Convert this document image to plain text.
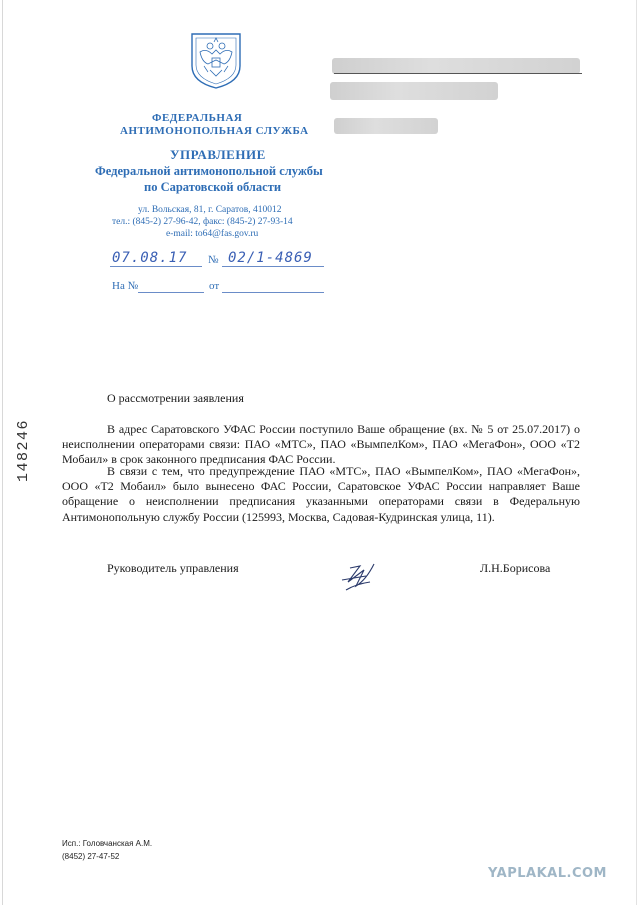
ФЕДЕРАЛЬНАЯ
АНТИМОНОПОЛЬНАЯ СЛУЖБА
УПРАВЛЕНИЕ
Федеральной антимонопольной службы
по Саратовской области
ул. Вольская, 81, г. Саратов, 410012
тел.: (845-2) 27-96-42, факс: (845-2) 27-93-14
e-mail: to64@fas.gov.ru
07.08.17 № 02/1-4869
На №	от
148246
О рассмотрении заявления
В адрес Саратовского УФАС России поступило Ваше обращение (вх. № 5 от 25.07.2017) о неисполнении операторами связи: ПАО «МТС», ПАО «ВымпелКом», ПАО «МегаФон», ООО «Т2 Мобаил» в срок законного предписания ФАС России.
В связи с тем, что предупреждение ПАО «МТС», ПАО «ВымпелКом», ПАО «МегаФон», ООО «Т2 Мобаил» было вынесено ФАС России, Саратовское УФАС России направляет Ваше обращение о неисполнении предписания указанными операторами связи в Федеральную Антимонопольную службу России (125993, Москва, Садовая-Кудринская улица, 11).
Руководитель управления	Л.Н.Борисова
Исп.: Головчанская А.М.
(8452) 27-47-52
YAPLAKAL.COM
